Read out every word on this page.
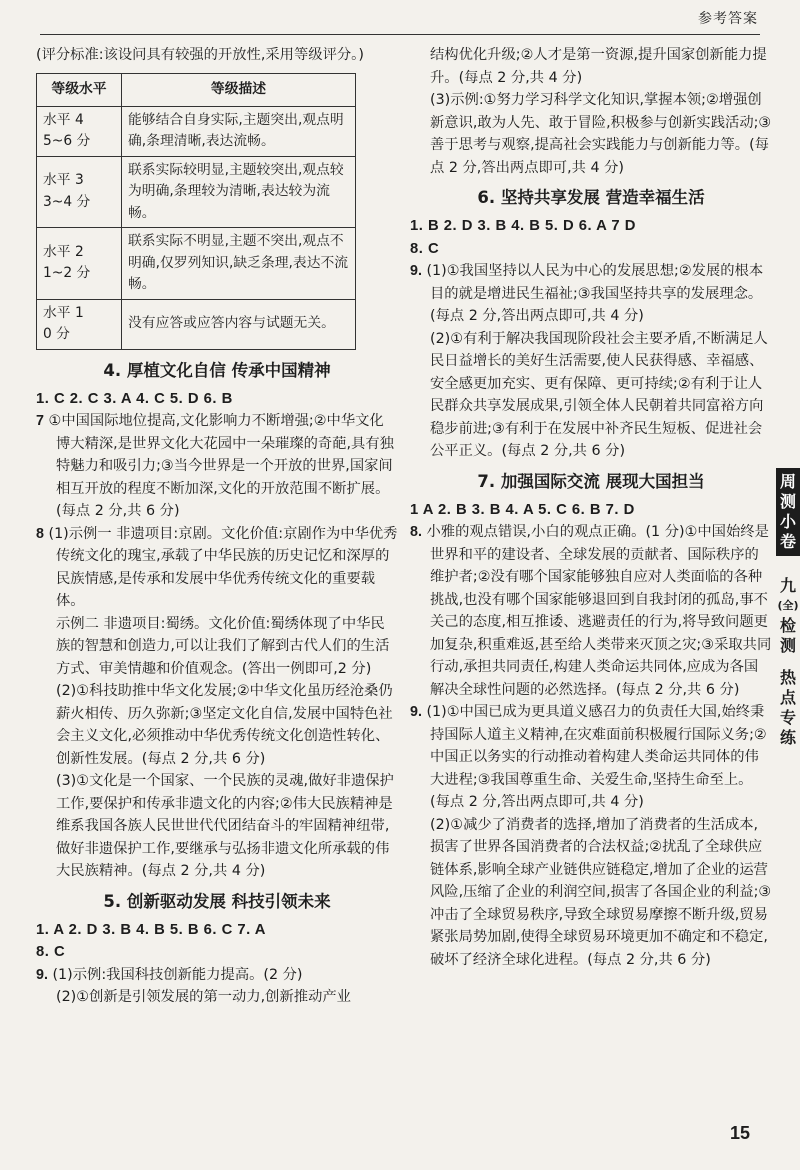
参考答案

(评分标准:该设问具有较强的开放性,采用等级评分。)

等级水平	等级描述

水平 4
5~6 分	能够结合自身实际,主题突出,观点明确,条理清晰,表达流畅。

水平 3
3~4 分	联系实际较明显,主题较突出,观点较为明确,条理较为清晰,表达较为流畅。

水平 2
1~2 分	联系实际不明显,主题不突出,观点不明确,仅罗列知识,缺乏条理,表达不流畅。

水平 1
0 分	没有应答或应答内容与试题无关。
4. 厚植文化自信 传承中国精神

1. C 2. C 3. A 4. C 5. D 6. B

7 ①中国国际地位提高,文化影响力不断增强;②中华文化博大精深,是世界文化大花园中一朵璀璨的奇葩,具有独特魅力和吸引力;③当今世界是一个开放的世界,国家间相互开放的程度不断加深,文化的开放范围不断扩展。(每点 2 分,共 6 分)
8 (1)示例一 非遗项目:京剧。文化价值:京剧作为中华优秀传统文化的瑰宝,承载了中华民族的历史记忆和深厚的民族情感,是传承和发展中华优秀传统文化的重要载体。

示例二 非遗项目:蜀绣。文化价值:蜀绣体现了中华民族的智慧和创造力,可以让我们了解到古代人们的生活方式、审美情趣和价值观念。(答出一例即可,2 分)

(2)①科技助推中华文化发展;②中华文化虽历经沧桑仍薪火相传、历久弥新;③坚定文化自信,发展中国特色社会主义文化,必须推动中华优秀传统文化创造性转化、创新性发展。(每点 2 分,共 6 分)

(3)①文化是一个国家、一个民族的灵魂,做好非遗保护工作,要保护和传承非遗文化的内容;②伟大民族精神是维系我国各族人民世世代代团结奋斗的牢固精神纽带,做好非遗保护工作,要继承与弘扬非遗文化所承载的伟大民族精神。(每点 2 分,共 4 分)

5. 创新驱动发展 科技引领未来

1. A 2. D 3. B 4. B 5. B 6. C 7. A

8. C

9. (1)示例:我国科技创新能力提高。(2 分)

(2)①创新是引领发展的第一动力,创新推动产业

结构优化升级;②人才是第一资源,提升国家创新能力提升。(每点 2 分,共 4 分)

(3)示例:①努力学习科学文化知识,掌握本领;②增强创新意识,敢为人先、敢于冒险,积极参与创新实践活动;③善于思考与观察,提高社会实践能力与创新能力等。(每点 2 分,答出两点即可,共 4 分)

6. 坚持共享发展 营造幸福生活

1. B 2. D 3. B 4. B 5. D 6. A 7 D

8. C

9. (1)①我国坚持以人民为中心的发展思想;②发展的根本目的就是增进民生福祉;③我国坚持共享的发展理念。(每点 2 分,答出两点即可,共 4 分)

(2)①有利于解决我国现阶段社会主要矛盾,不断满足人民日益增长的美好生活需要,使人民获得感、幸福感、安全感更加充实、更有保障、更可持续;②有利于让人民群众共享发展成果,引领全体人民朝着共同富裕方向稳步前进;③有利于在发展中补齐民生短板、促进社会公平正义。(每点 2 分,共 6 分)

7. 加强国际交流 展现大国担当

1 A 2. B 3. B 4. A 5. C 6. B 7. D

8. 小雅的观点错误,小白的观点正确。(1 分)①中国始终是世界和平的建设者、全球发展的贡献者、国际秩序的维护者;②没有哪个国家能够独自应对人类面临的各种挑战,也没有哪个国家能够退回到自我封闭的孤岛,事不关己的态度,相互推诿、逃避责任的行为,将导致问题更加复杂,积重难返,甚至给人类带来灭顶之灾;③采取共同行动,承担共同责任,构建人类命运共同体,应成为各国解决全球性问题的必然选择。(每点 2 分,共 6 分)
9. (1)①中国已成为更具道义感召力的负责任大国,始终秉持国际人道主义精神,在灾难面前积极履行国际义务;②中国正以务实的行动推动着构建人类命运共同体的伟大进程;③我国尊重生命、关爱生命,坚持生命至上。(每点 2 分,答出两点即可,共 4 分)

(2)①减少了消费者的选择,增加了消费者的生活成本,损害了世界各国消费者的合法权益;②扰乱了全球供应链体系,影响全球产业链供应链稳定,增加了企业的运营风险,压缩了企业的利润空间,损害了各国企业的利益;③冲击了全球贸易秩序,导致全球贸易摩擦不断升级,贸易紧张局势加剧,使得全球贸易环境更加不确定和不稳定,破坏了经济全球化进程。(每点 2 分,共 6 分)

周
测
小
卷
九
(全)
检
测
热
点
专
练
15
